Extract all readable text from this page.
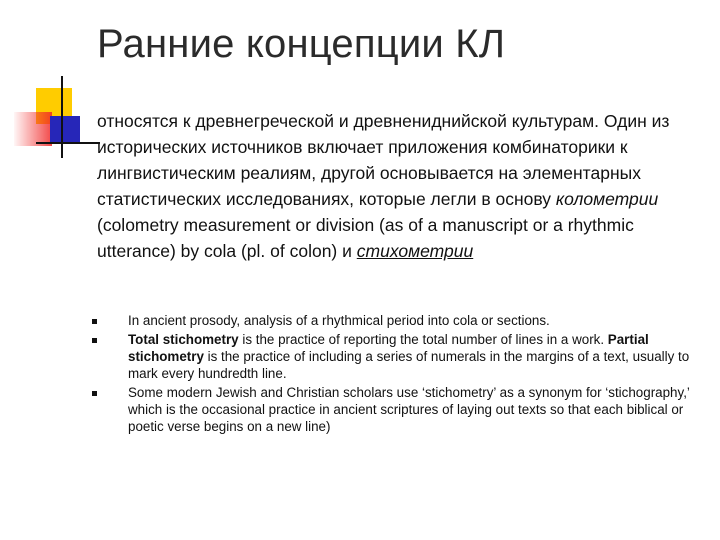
Ранние концепции КЛ

относятся к древнегреческой и древнениднийской культурам. Один из исторических источников включает приложения комбинаторики к лингвистическим реалиям, другой основывается на элементарных статистических исследованиях, которые легли в основу колометрии (colometry measurement or division (as of a manuscript or a rhythmic utterance) by cola (pl. of colon) и стихометрии

In ancient prosody, analysis of a rhythmical period into cola or sections.
Total stichometry is the practice of reporting the total number of lines in a work. Partial stichometry is the practice of including a series of numerals in the margins of a text, usually to mark every hundredth line.
Some modern Jewish and Christian scholars use ‘stichometry’ as a synonym for ‘stichography,’ which is the occasional practice in ancient scriptures of laying out texts so that each biblical or poetic verse begins on a new line)
